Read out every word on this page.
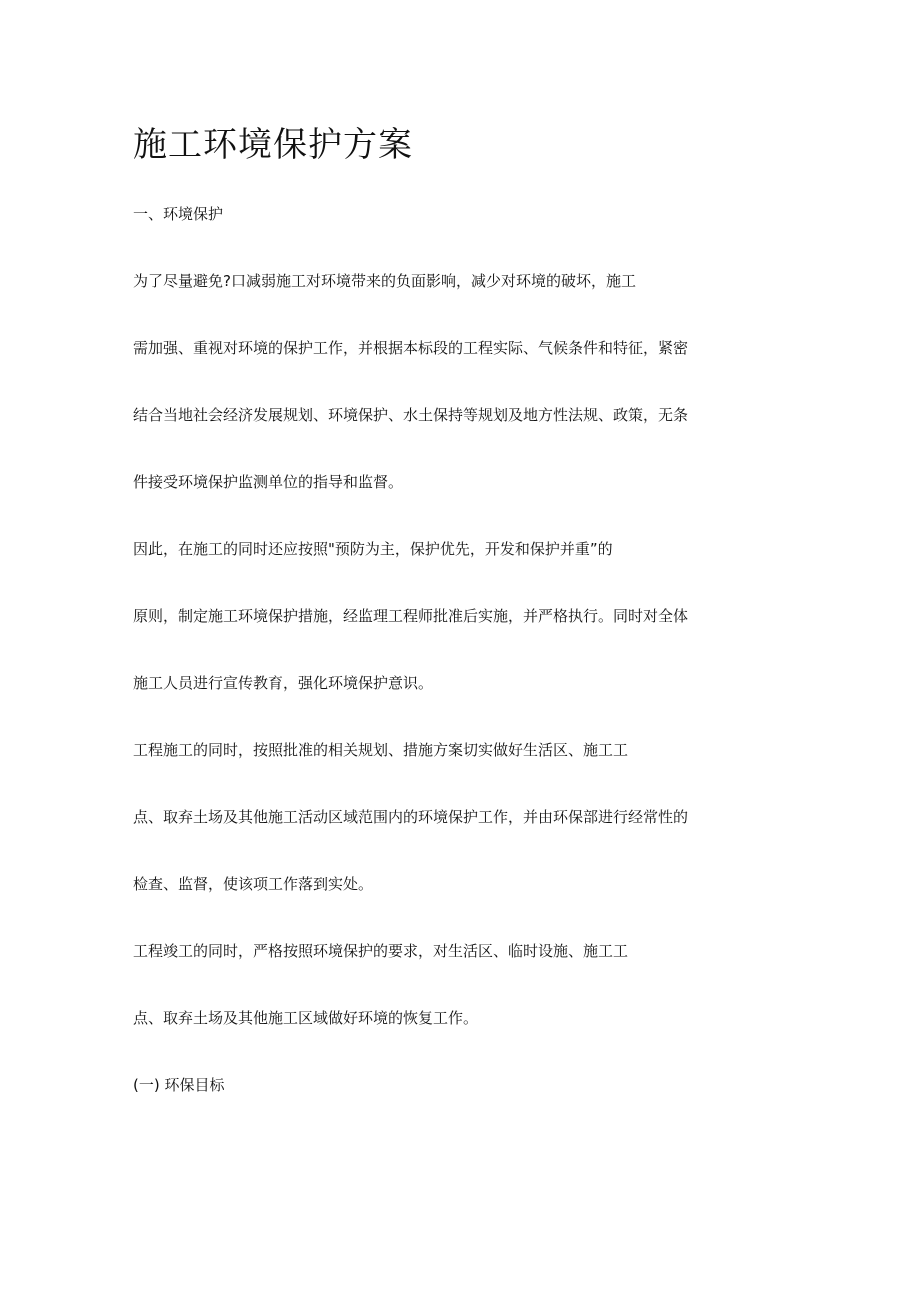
施工环境保护方案

一、环境保护

为了尽量避免?口减弱施工对环境带来的负面影响，减少对环境的破坏，施工

需加强、重视对环境的保护工作，并根据本标段的工程实际、气候条件和特征，紧密

结合当地社会经济发展规划、环境保护、水土保持等规划及地方性法规、政策，无条

件接受环境保护监测单位的指导和监督。

因此，在施工的同时还应按照"预防为主，保护优先，开发和保护并重”的

原则，制定施工环境保护措施，经监理工程师批准后实施，并严格执行。同时对全体

施工人员进行宣传教育，强化环境保护意识。

工程施工的同时，按照批准的相关规划、措施方案切实做好生活区、施工工

点、取弃土场及其他施工活动区域范围内的环境保护工作，并由环保部进行经常性的

检查、监督，使该项工作落到实处。

工程竣工的同时，严格按照环境保护的要求，对生活区、临时设施、施工工

点、取弃土场及其他施工区域做好环境的恢复工作。

(一) 环保目标
